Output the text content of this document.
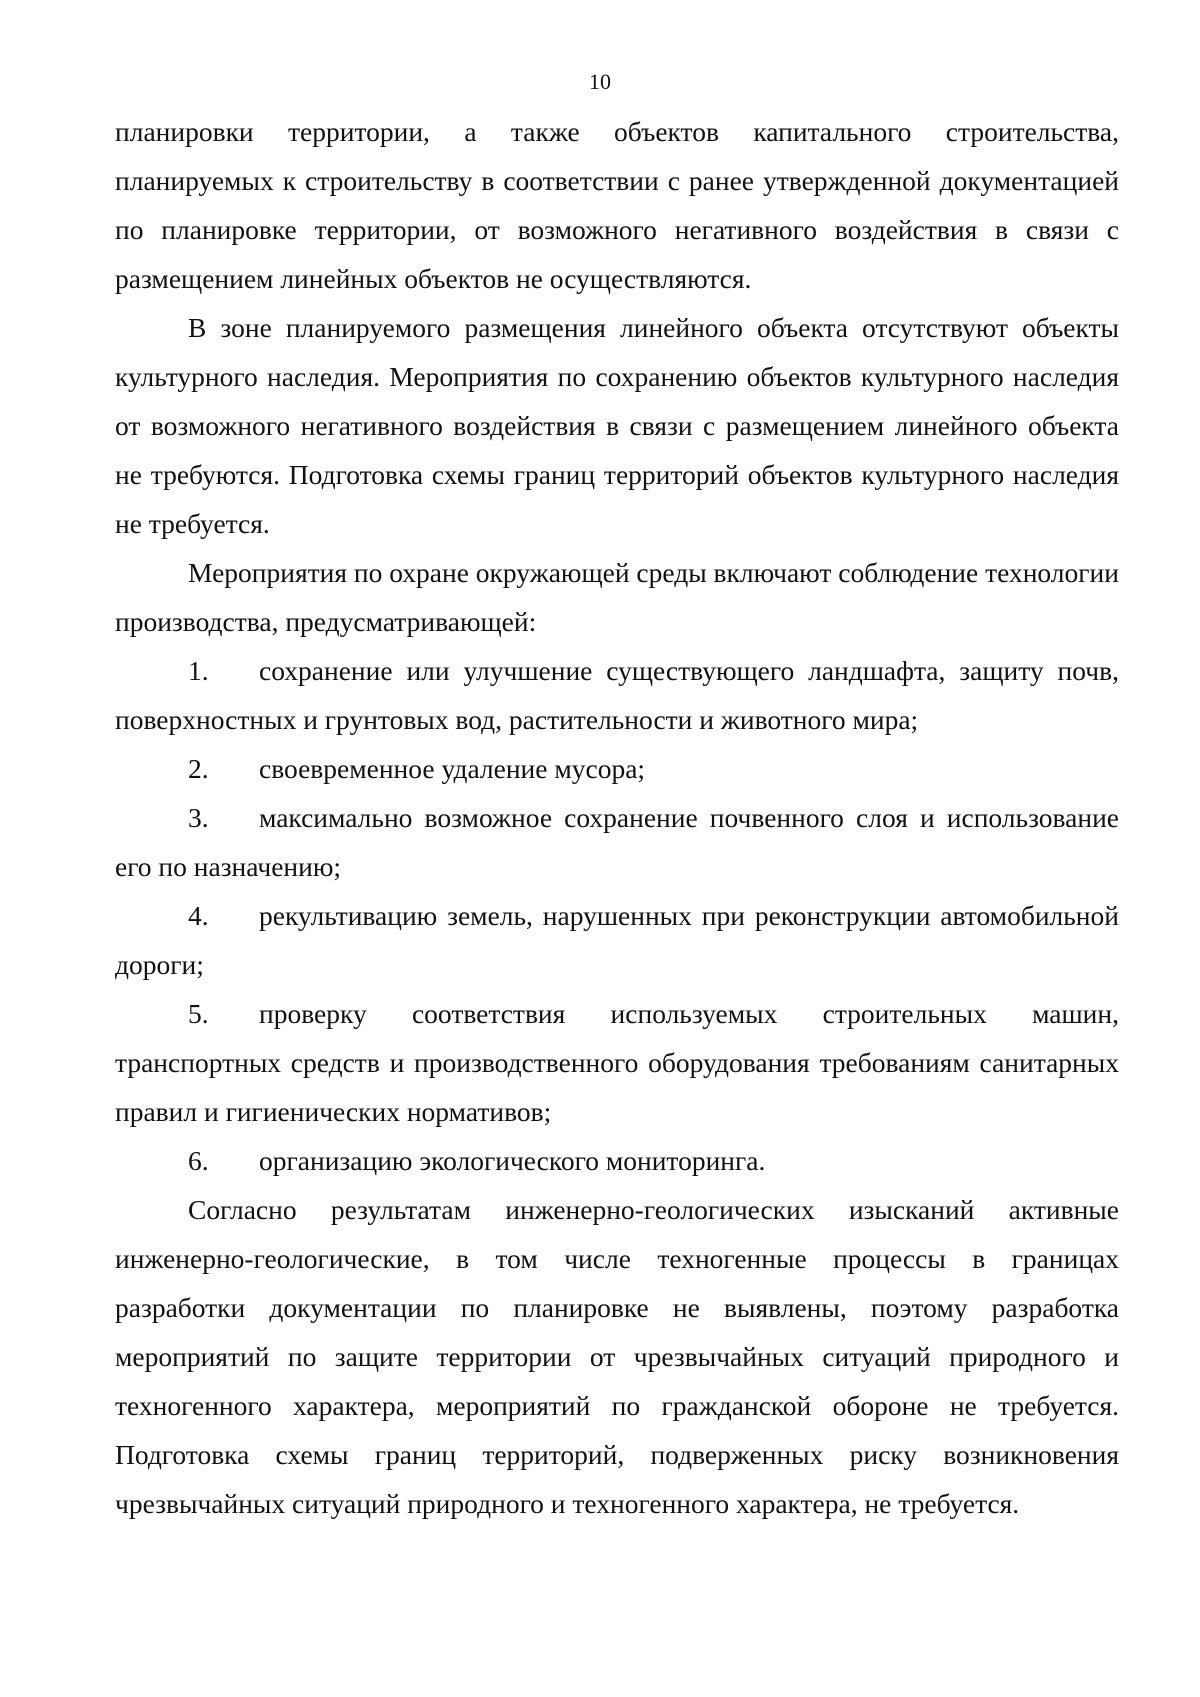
10

планировки территории, а также объектов капитального строительства, планируемых к строительству в соответствии с ранее утвержденной документацией по планировке территории, от возможного негативного воздействия в связи с размещением линейных объектов не осуществляются.

В зоне планируемого размещения линейного объекта отсутствуют объекты культурного наследия. Мероприятия по сохранению объектов культурного наследия от возможного негативного воздействия в связи с размещением линейного объекта не требуются. Подготовка схемы границ территорий объектов культурного наследия не требуется.

Мероприятия по охране окружающей среды включают соблюдение технологии производства, предусматривающей:

1. сохранение или улучшение существующего ландшафта, защиту почв, поверхностных и грунтовых вод, растительности и животного мира;

2. своевременное удаление мусора;

3. максимально возможное сохранение почвенного слоя и использование его по назначению;

4. рекультивацию земель, нарушенных при реконструкции автомобильной дороги;

5. проверку соответствия используемых строительных машин, транспортных средств и производственного оборудования требованиям санитарных правил и гигиенических нормативов;

6. организацию экологического мониторинга.

Согласно результатам инженерно-геологических изысканий активные инженерно-геологические, в том числе техногенные процессы в границах разработки документации по планировке не выявлены, поэтому разработка мероприятий по защите территории от чрезвычайных ситуаций природного и техногенного характера, мероприятий по гражданской обороне не требуется. Подготовка схемы границ территорий, подверженных риску возникновения чрезвычайных ситуаций природного и техногенного характера, не требуется.
